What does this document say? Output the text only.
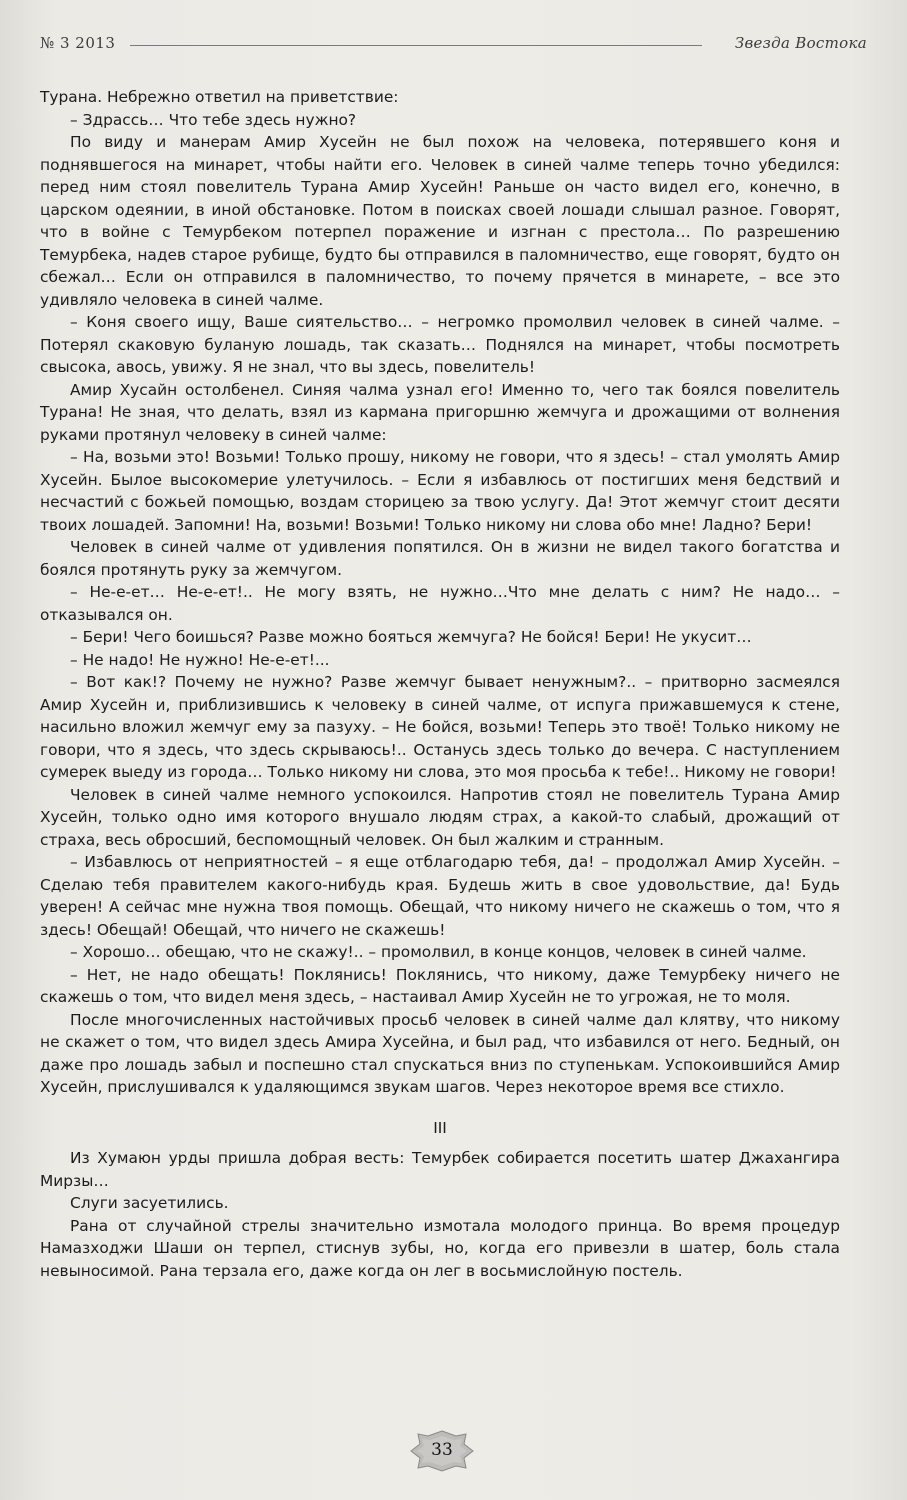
№ 3 2013	Звезда Востока

Турана. Небрежно ответил на приветствие:

– Здрасcь… Что тебе здесь нужно?

По виду и манерам Амир Хусейн не был похож на человека, потерявшего коня и поднявшегося на минарет, чтобы найти его. Человек в синей чалме теперь точно убедился: перед ним стоял повелитель Турана Амир Хусейн! Раньше он часто видел его, конечно, в царском одеянии, в иной обстановке. Потом в поисках своей лошади слышал разное. Говорят, что в войне с Темурбеком потерпел поражение и изгнан с престола… По разрешению Темурбека, надев старое рубище, будто бы отправился в паломничество, еще говорят, будто он сбежал… Если он отправился в паломничество, то почему прячется в минарете, – все это удивляло человека в синей чалме.

– Коня своего ищу, Ваше сиятельство… – негромко промолвил человек в синей чалме. – Потерял скаковую буланую лошадь, так сказать… Поднялся на минарет, чтобы посмотреть свысока, авось, увижу. Я не знал, что вы здесь, повелитель!

Амир Хусайн остолбенел. Синяя чалма узнал его! Именно то, чего так боялся повелитель Турана! Не зная, что делать, взял из кармана пригоршню жемчуга и дрожащими от волнения руками протянул человеку в синей чалме:

– На, возьми это! Возьми! Только прошу, никому не говори, что я здесь! – стал умолять Амир Хусейн. Былое высокомерие улетучилось. – Если я избавлюсь от постигших меня бедствий и несчастий с божьей помощью, воздам сторицею за твою услугу. Да! Этот жемчуг стоит десяти твоих лошадей. Запомни! На, возьми! Возьми! Только никому ни слова обо мне! Ладно? Бери!

Человек в синей чалме от удивления попятился. Он в жизни не видел такого богатства и боялся протянуть руку за жемчугом.

– Не-е-ет… Не-е-ет!.. Не могу взять, не нужно…Что мне делать с ним? Не надо… – отказывался он.

– Бери! Чего боишься? Разве можно бояться жемчуга? Не бойся! Бери! Не укусит…

– Не надо! Не нужно! Не-е-ет!...

– Вот как!? Почему не нужно? Разве жемчуг бывает ненужным?.. – притворно засмеялся Амир Хусейн и, приблизившись к человеку в синей чалме, от испуга прижавшемуся к стене, насильно вложил жемчуг ему за пазуху. – Не бойся, возьми! Теперь это твоё! Только никому не говори, что я здесь, что здесь скрываюсь!.. Останусь здесь только до вечера. С наступлением сумерек выеду из города… Только никому ни слова, это моя просьба к тебе!.. Никому не говори!

Человек в синей чалме немного успокоился. Напротив стоял не повелитель Турана Амир Хусейн, только одно имя которого внушало людям страх, а какой-то слабый, дрожащий от страха, весь обросший, беспомощный человек. Он был жалким и странным.

– Избавлюсь от неприятностей – я еще отблагодарю тебя, да! – продолжал Амир Хусейн. – Сделаю тебя правителем какого-нибудь края. Будешь жить в свое удовольствие, да! Будь уверен! А сейчас мне нужна твоя помощь. Обещай, что никому ничего не скажешь о том, что я здесь! Обещай! Обещай, что ничего не скажешь!

– Хорошо… обещаю, что не скажу!.. – промолвил, в конце концов, человек в синей чалме.

– Нет, не надо обещать! Поклянись! Поклянись, что никому, даже Темурбеку ничего не скажешь о том, что видел меня здесь, – настаивал Амир Хусейн не то угрожая, не то моля.

После многочисленных настойчивых просьб человек в синей чалме дал клятву, что никому не скажет о том, что видел здесь Амира Хусейна, и был рад, что избавился от него. Бедный, он даже про лошадь забыл и поспешно стал спускаться вниз по ступенькам. Успокоившийся Амир Хусейн, прислушивался к удаляющимся звукам шагов. Через некоторое время все стихло.

III

Из Хумаюн урды пришла добрая весть: Темурбек собирается посетить шатер Джахангира Мирзы…

Слуги засуетились.

Рана от случайной стрелы значительно измотала молодого принца. Во время процедур Намазходжи Шаши он терпел, стиснув зубы, но, когда его привезли в шатер, боль стала невыносимой. Рана терзала его, даже когда он лег в восьмислойную постель.

33
